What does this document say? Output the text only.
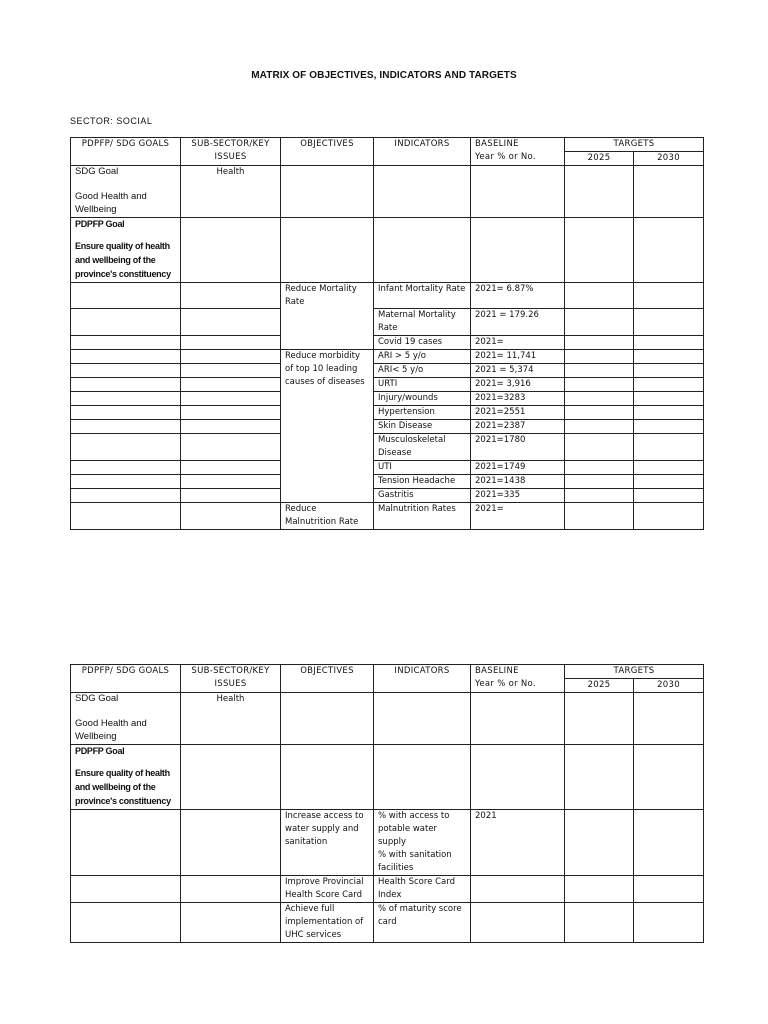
MATRIX OF OBJECTIVES, INDICATORS AND TARGETS
SECTOR: SOCIAL
PDPFP/ SDG GOALS	SUB-SECTOR/KEY ISSUES	OBJECTIVES	INDICATORS	BASELINE
Year % or No.	TARGETS	
					2025	2030
SDG Goal
Good Health and Wellbeing	Health					
PDPFP Goal
Ensure quality of health and wellbeing of the province's constituency						
		Reduce Mortality Rate	Infant Mortality Rate	2021= 6.87%		
			Maternal Mortality Rate	2021 = 179.26		
			Covid 19 cases	2021=		
		Reduce morbidity of top 10 leading causes of diseases	ARI > 5 y/o	2021= 11,741		
			ARI< 5 y/o	2021 = 5,374		
			URTI	2021= 3,916		
			Injury/wounds	2021=3283		
			Hypertension	2021=2551		
			Skin Disease	2021=2387		
			Musculoskeletal Disease	2021=1780		
			UTI	2021=1749		
			Tension Headache	2021=1438		
			Gastritis	2021=335		
		Reduce Malnutrition Rate	Malnutrition Rates	2021=		
PDPFP/ SDG GOALS	SUB-SECTOR/KEY ISSUES	OBJECTIVES	INDICATORS	BASELINE
Year % or No.	TARGETS	
					2025	2030
SDG Goal
Good Health and Wellbeing	Health					
PDPFP Goal
Ensure quality of health and wellbeing of the province's constituency						
		Increase access to water supply and sanitation	% with access to potable water supply
% with sanitation facilities	2021		
		Improve Provincial Health Score Card	Health Score Card Index			
		Achieve full implementation of UHC services	% of maturity score card			
